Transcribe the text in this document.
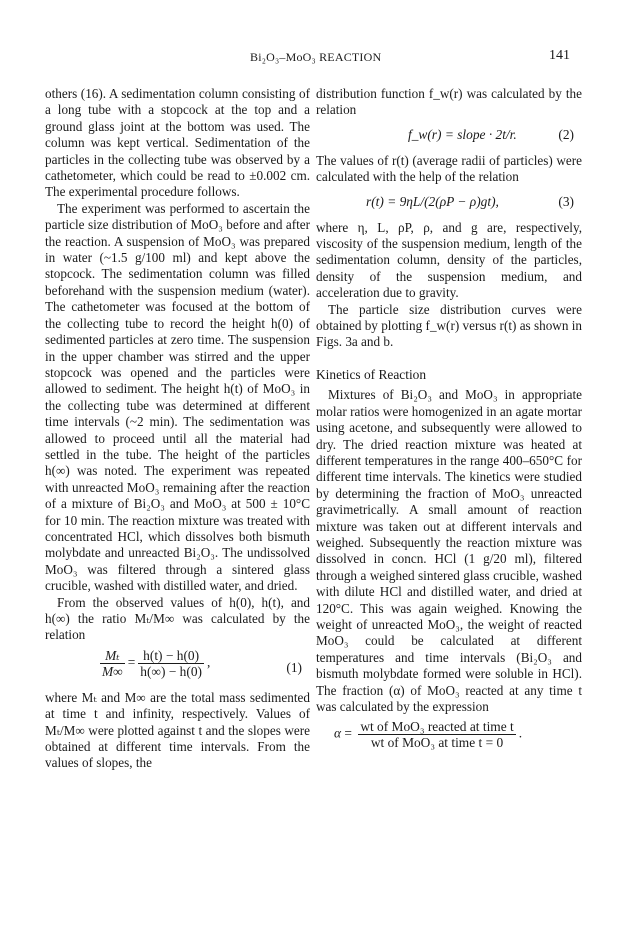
Bi₂O₃–MoO₃ REACTION	141

others (16). A sedimentation column consisting of a long tube with a stopcock at the top and a ground glass joint at the bottom was used. The column was kept vertical. Sedimentation of the particles in the collecting tube was observed by a cathetometer, which could be read to ±0.002 cm. The experimental procedure follows.

The experiment was performed to ascertain the particle size distribution of MoO₃ before and after the reaction. A suspension of MoO₃ was prepared in water (~1.5 g/100 ml) and kept above the stopcock. The sedimentation column was filled beforehand with the suspension medium (water). The cathetometer was focused at the bottom of the collecting tube to record the height h(0) of sedimented particles at zero time. The suspension in the upper chamber was stirred and the upper stopcock was opened and the particles were allowed to sediment. The height h(t) of MoO₃ in the collecting tube was determined at different time intervals (~2 min). The sedimentation was allowed to proceed until all the material had settled in the tube. The height of the particles h(∞) was noted. The experiment was repeated with unreacted MoO₃ remaining after the reaction of a mixture of Bi₂O₃ and MoO₃ at 500 ± 10°C for 10 min. The reaction mixture was treated with concentrated HCl, which dissolves both bismuth molybdate and unreacted Bi₂O₃. The undissolved MoO₃ was filtered through a sintered glass crucible, washed with distilled water, and dried.

From the observed values of h(0), h(t), and h(∞) the ratio Mₜ/M∞ was calculated by the relation

$\frac{\text{Mₜ}}{M\infty} = \frac{h(t) - h(0)}{h(\infty) - h(0)}$ ,	(1)

where Mₜ and M∞ are the total mass sedimented at time t and infinity, respectively. Values of Mₜ/M∞ were plotted against t and the slopes were obtained at different time intervals. From the values of slopes, the

distribution function f_w(r) was calculated by the relation

f_w(r) = slope · 2t/r.	(2)

The values of r(t) (average radii of particles) were calculated with the help of the relation

r(t) = 9ηL/(2(ρP − ρ)gt),	(3)

where η, L, ρP, ρ, and g are, respectively, viscosity of the suspension medium, length of the sedimentation column, density of the particles, density of the suspension medium, and acceleration due to gravity.

The particle size distribution curves were obtained by plotting f_w(r) versus r(t) as shown in Figs. 3a and b.

Kinetics of Reaction

Mixtures of Bi₂O₃ and MoO₃ in appropriate molar ratios were homogenized in an agate mortar using acetone, and subsequently were allowed to dry. The dried reaction mixture was heated at different temperatures in the range 400–650°C for different time intervals. The kinetics were studied by determining the fraction of MoO₃ unreacted gravimetrically. A small amount of reaction mixture was taken out at different intervals and weighed. Subsequently the reaction mixture was dissolved in concn. HCl (1 g/20 ml), filtered through a weighed sintered glass crucible, washed with dilute HCl and distilled water, and dried at 120°C. This was again weighed. Knowing the weight of unreacted MoO₃, the weight of reacted MoO₃ could be calculated at different temperatures and time intervals (Bi₂O₃ and bismuth molybdate formed were soluble in HCl). The fraction (α) of MoO₃ reacted at any time t was calculated by the expression

$\alpha = \frac{\text{wt of MoO₃ reacted at time t}}{\text{wt of MoO₃ at time t = 0}}$ .
